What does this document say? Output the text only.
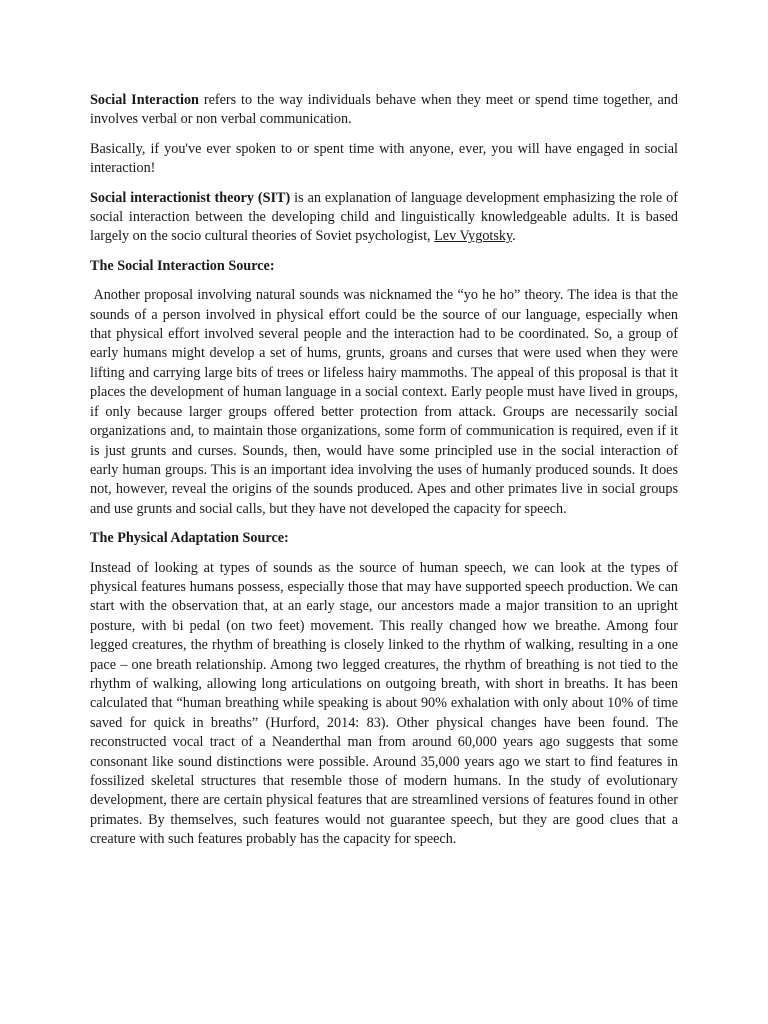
Social Interaction refers to the way individuals behave when they meet or spend time together, and involves verbal or non verbal communication.

Basically, if you've ever spoken to or spent time with anyone, ever, you will have engaged in social interaction!

Social interactionist theory (SIT) is an explanation of language development emphasizing the role of social interaction between the developing child and linguistically knowledgeable adults. It is based largely on the socio cultural theories of Soviet psychologist, Lev Vygotsky.

The Social Interaction Source:

Another proposal involving natural sounds was nicknamed the “yo he ho” theory. The idea is that the sounds of a person involved in physical effort could be the source of our language, especially when that physical effort involved several people and the interaction had to be coordinated. So, a group of early humans might develop a set of hums, grunts, groans and curses that were used when they were lifting and carrying large bits of trees or lifeless hairy mammoths. The appeal of this proposal is that it places the development of human language in a social context. Early people must have lived in groups, if only because larger groups offered better protection from attack. Groups are necessarily social organizations and, to maintain those organizations, some form of communication is required, even if it is just grunts and curses. Sounds, then, would have some principled use in the social interaction of early human groups. This is an important idea involving the uses of humanly produced sounds. It does not, however, reveal the origins of the sounds produced. Apes and other primates live in social groups and use grunts and social calls, but they have not developed the capacity for speech.

The Physical Adaptation Source:

Instead of looking at types of sounds as the source of human speech, we can look at the types of physical features humans possess, especially those that may have supported speech production. We can start with the observation that, at an early stage, our ancestors made a major transition to an upright posture, with bi pedal (on two feet) movement. This really changed how we breathe. Among four legged creatures, the rhythm of breathing is closely linked to the rhythm of walking, resulting in a one pace – one breath relationship. Among two legged creatures, the rhythm of breathing is not tied to the rhythm of walking, allowing long articulations on outgoing breath, with short in breaths. It has been calculated that “human breathing while speaking is about 90% exhalation with only about 10% of time saved for quick in breaths” (Hurford, 2014: 83). Other physical changes have been found. The reconstructed vocal tract of a Neanderthal man from around 60,000 years ago suggests that some consonant like sound distinctions were possible. Around 35,000 years ago we start to find features in fossilized skeletal structures that resemble those of modern humans. In the study of evolutionary development, there are certain physical features that are streamlined versions of features found in other primates. By themselves, such features would not guarantee speech, but they are good clues that a creature with such features probably has the capacity for speech.
